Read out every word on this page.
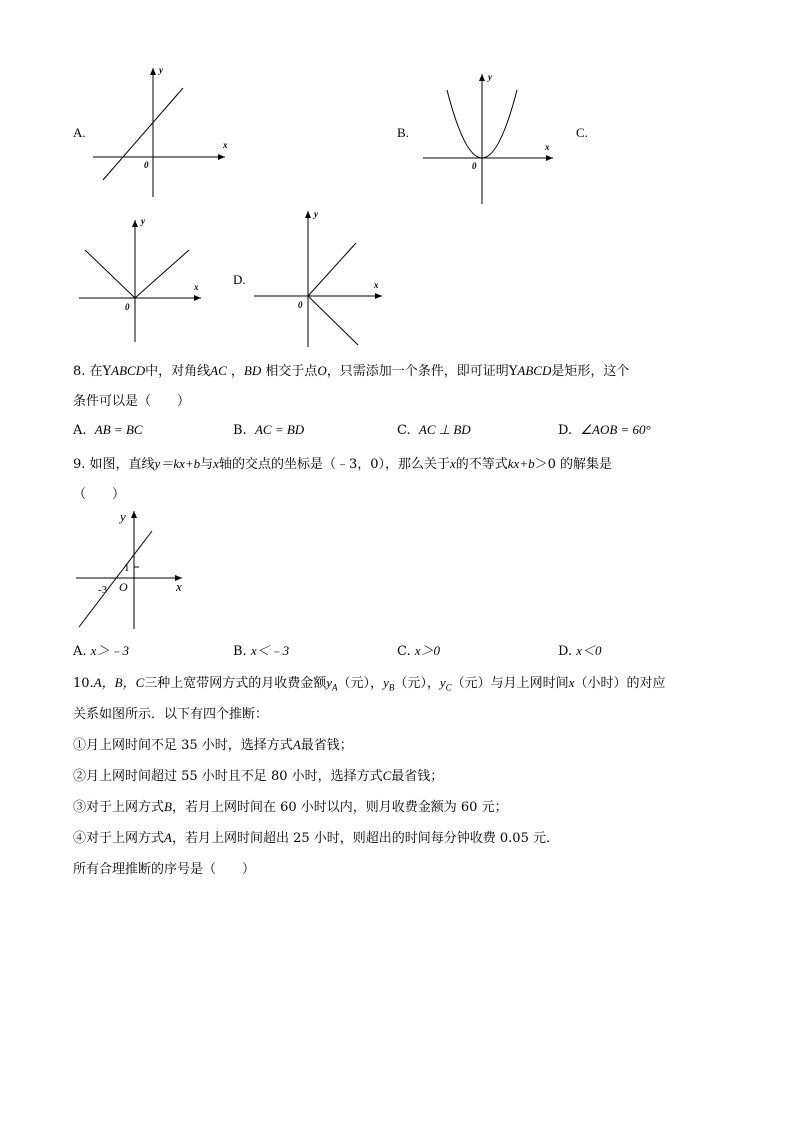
A.
y
x
0
B.
y
x
0
C.
y
x
0
D.
y
x
0
8. 在YABCD中，对角线AC ，BD 相交于点O，只需添加一个条件，即可证明YABCD是矩形，这个
条件可以是（　　）
A. AB = BC	B. AC = BD	C. AC ⊥ BD	D. ∠AOB = 60°
9. 如图，直线y＝kx+b与x轴的交点的坐标是（﹣3，0），那么关于x的不等式kx+b＞0 的解集是
（　　）
y
x
1
-3 O
A. x＞﹣3	B. x＜﹣3	C. x＞0	D. x＜0
10.A，B，C三种上宽带网方式的月收费金额$y_A$（元），$y_B$（元），$y_C$（元）与月上网时间x（小时）的对应
关系如图所示．以下有四个推断：
①月上网时间不足 35 小时，选择方式A最省钱；
②月上网时间超过 55 小时且不足 80 小时，选择方式C最省钱；
③对于上网方式B，若月上网时间在 60 小时以内，则月收费金额为 60 元；
④对于上网方式A，若月上网时间超出 25 小时，则超出的时间每分钟收费 0.05 元．
所有合理推断的序号是（　　）
